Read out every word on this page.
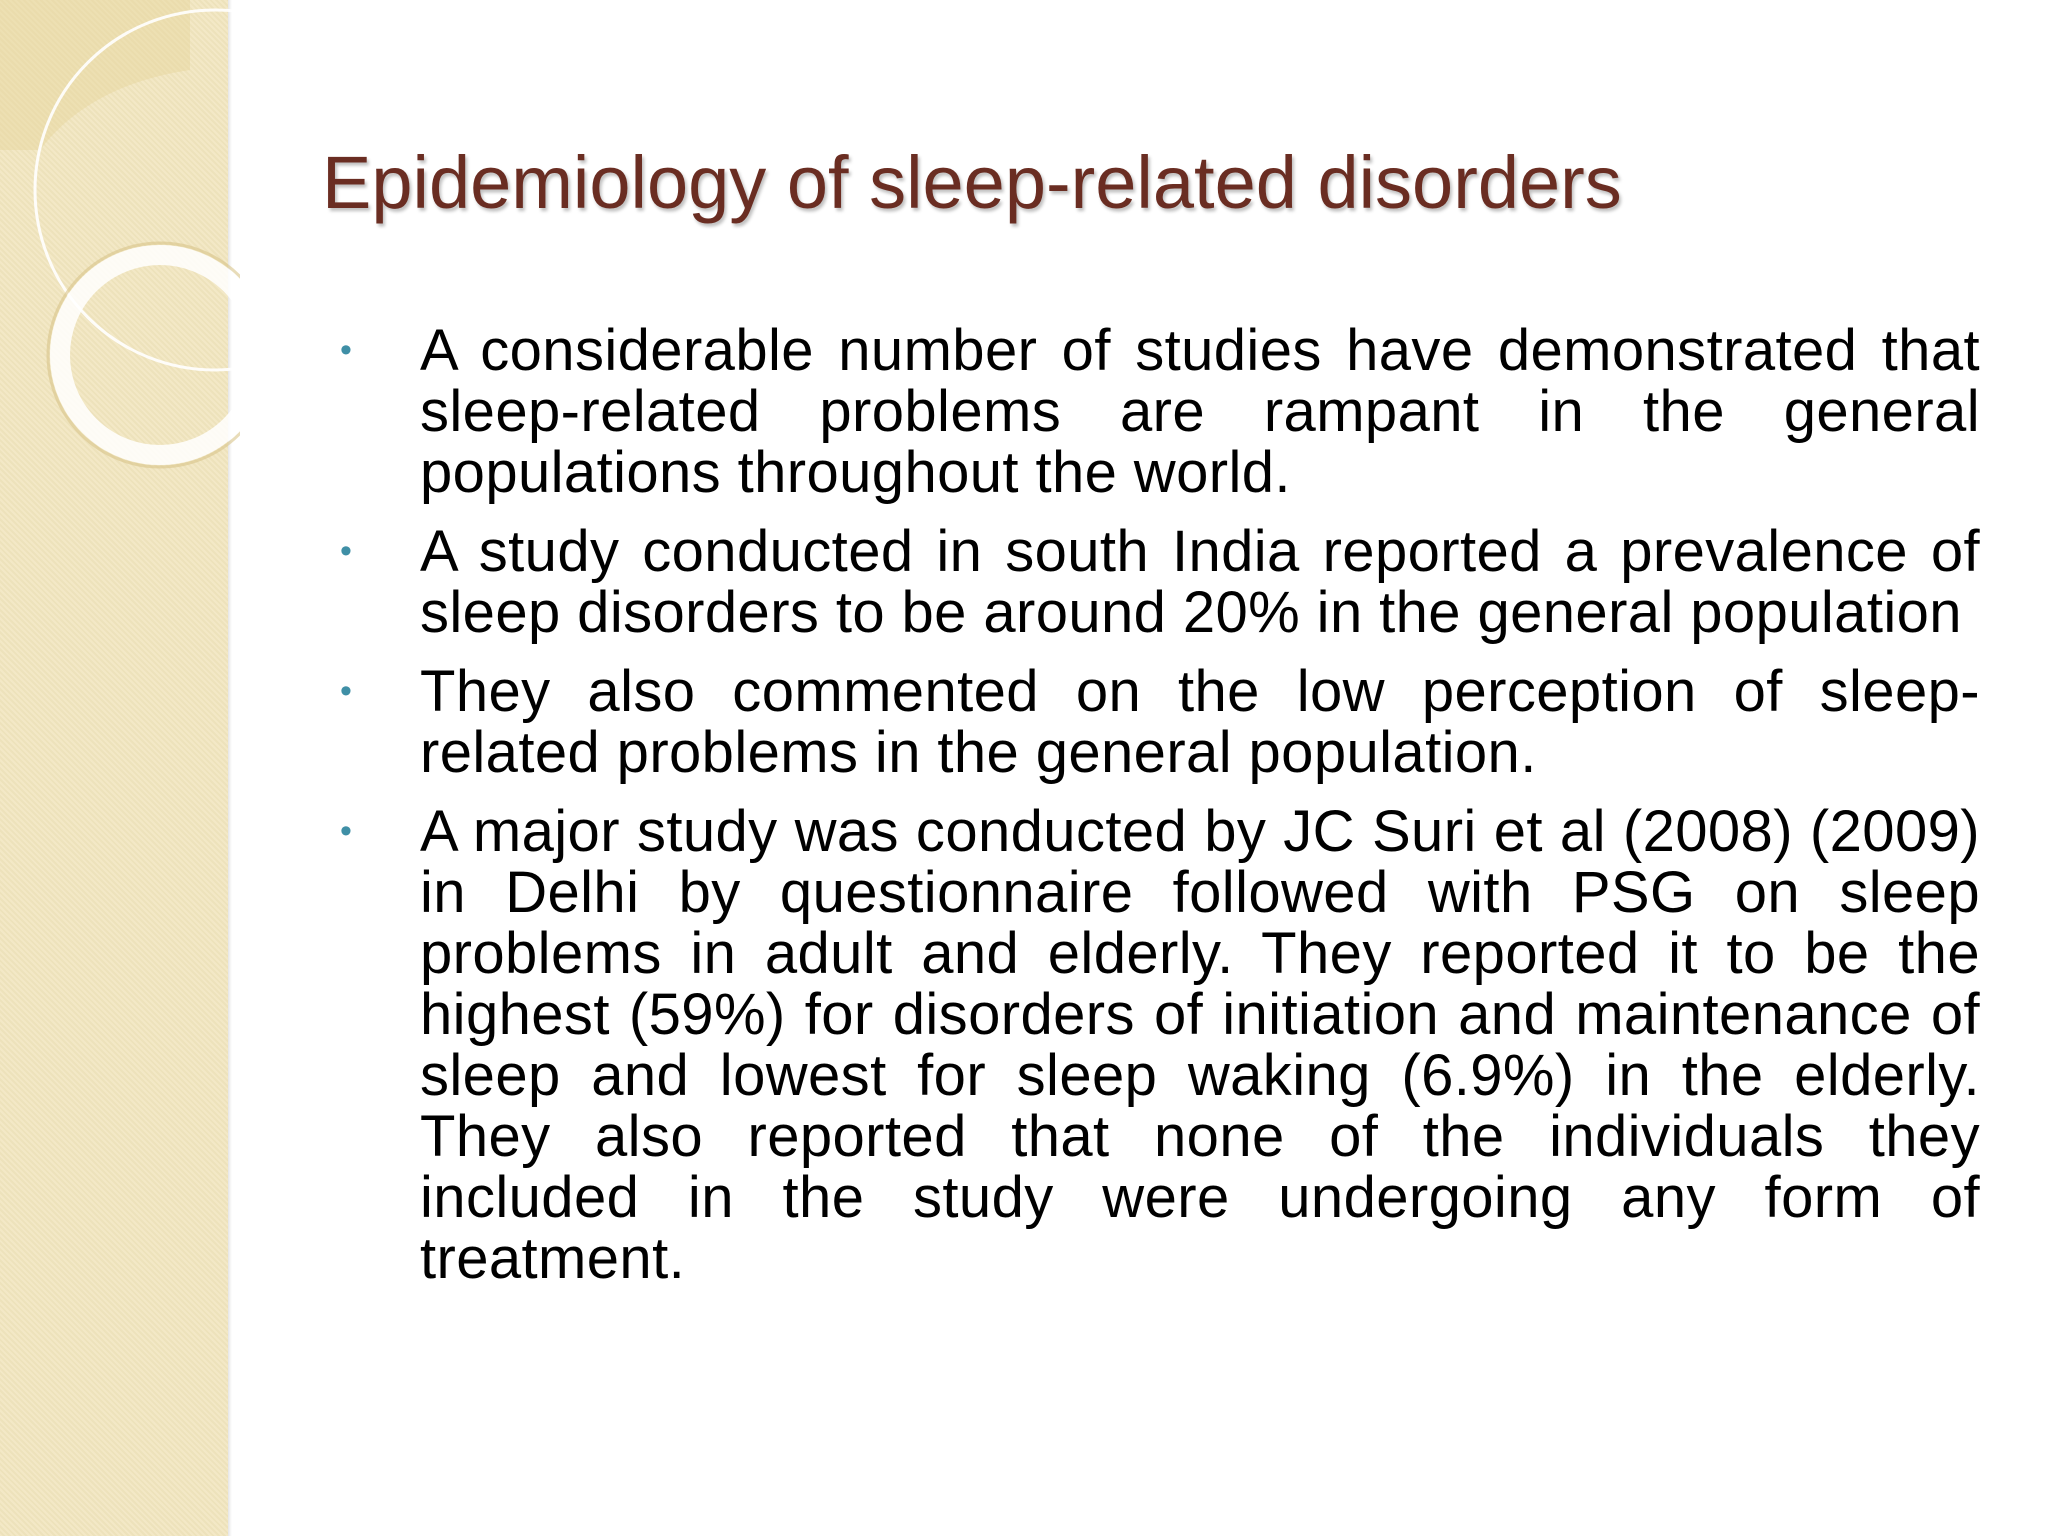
Epidemiology of sleep-related disorders
• A considerable number of studies have demonstrated that sleep-related problems are rampant in the general populations throughout the world.
• A study conducted in south India reported a prevalence of sleep disorders to be around 20% in the general population
• They also commented on the low perception of sleep-related problems in the general population.
• A major study was conducted by JC Suri et al (2008) (2009) in Delhi by questionnaire followed with PSG on sleep problems in adult and elderly. They reported it to be the highest (59%) for disorders of initiation and maintenance of sleep and lowest for sleep waking (6.9%) in the elderly. They also reported that none of the individuals they included in the study were undergoing any form of treatment.
